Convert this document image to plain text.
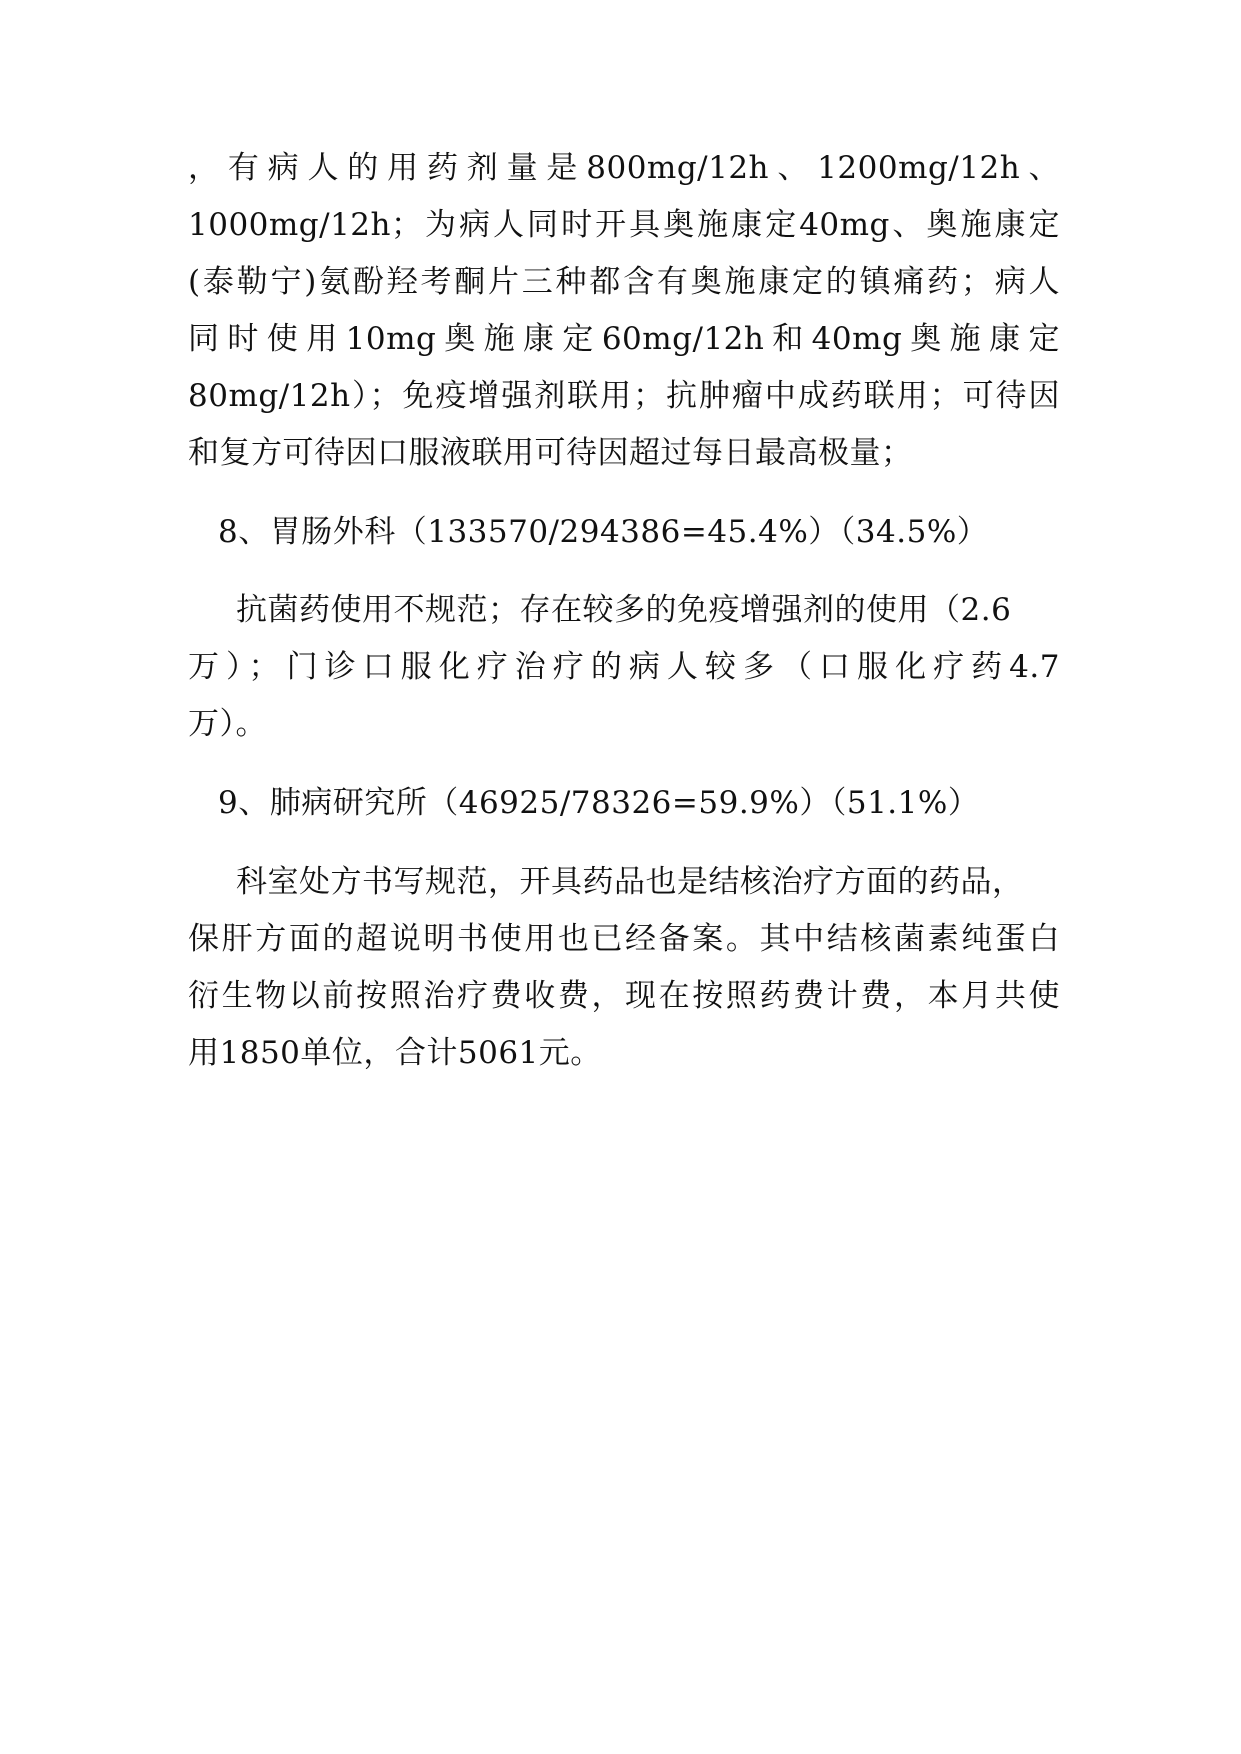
，有病人的用药剂量是800mg/12h、1200mg/12h、
1000mg/12h；为病人同时开具奥施康定40mg、奥施康定
(泰勒宁)氨酚羟考酮片三种都含有奥施康定的镇痛药；病人
同时使用10mg奥施康定60mg/12h和40mg奥施康定
80mg/12h）；免疫增强剂联用；抗肿瘤中成药联用；可待因
和复方可待因口服液联用可待因超过每日最高极量；
8、胃肠外科（133570/294386=45.4%）（34.5%）
抗菌药使用不规范；存在较多的免疫增强剂的使用（2.6
万）；门诊口服化疗治疗的病人较多（口服化疗药4.7
万）。
9、肺病研究所（46925/78326=59.9%）（51.1%）
科室处方书写规范，开具药品也是结核治疗方面的药品，
保肝方面的超说明书使用也已经备案。其中结核菌素纯蛋白
衍生物以前按照治疗费收费，现在按照药费计费，本月共使
用1850单位，合计5061元。
